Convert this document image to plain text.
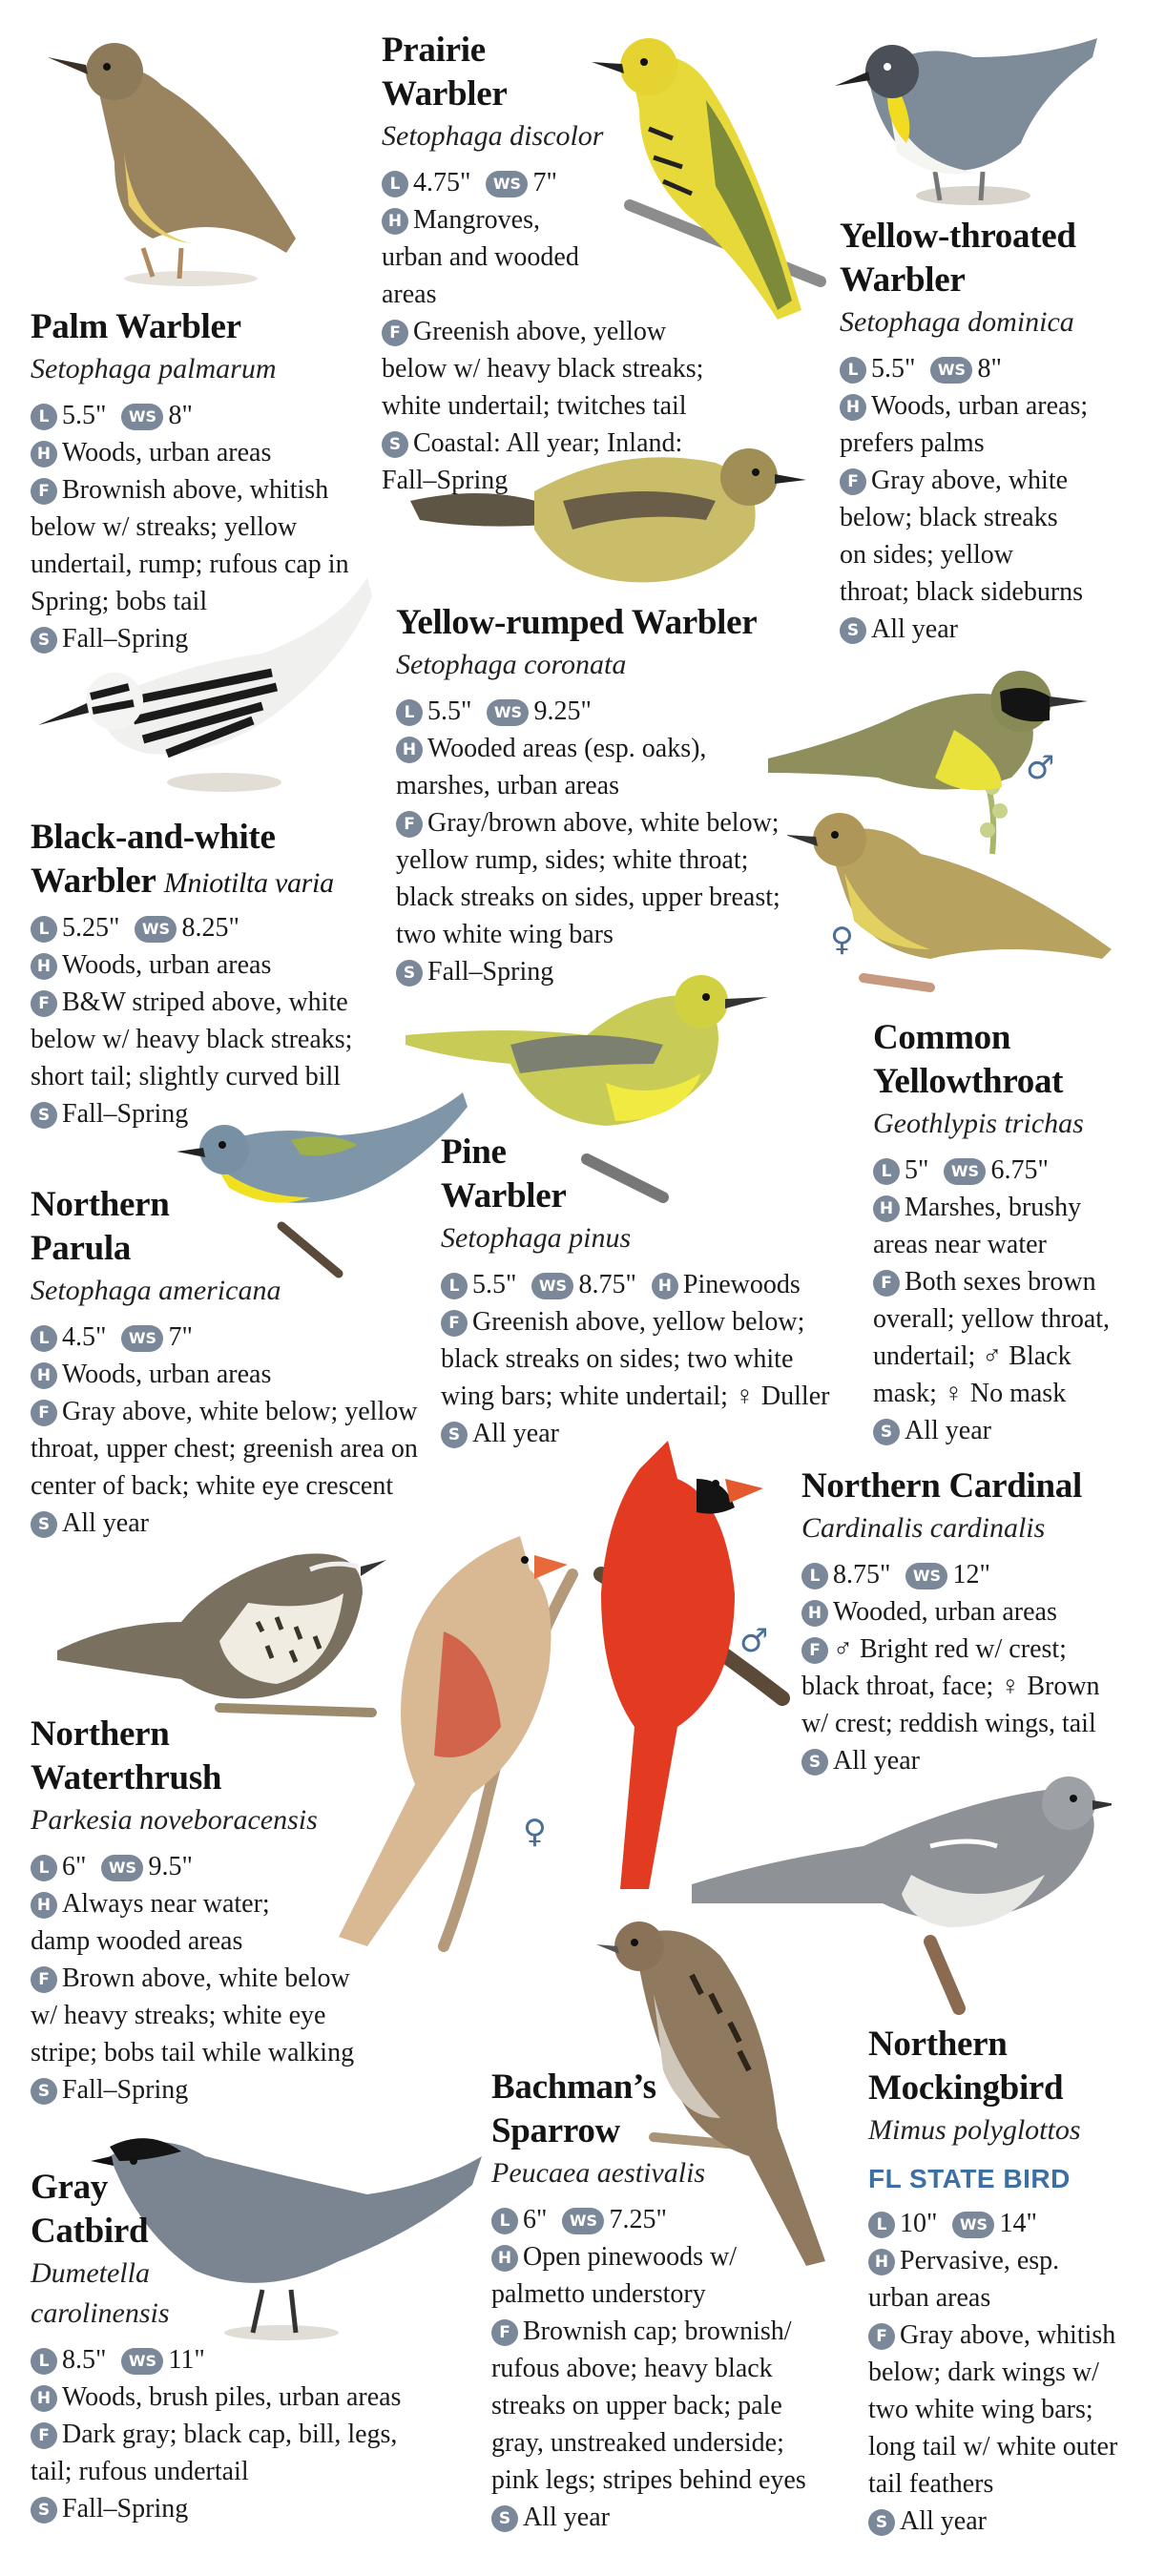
♂
♀
♂
♀
Palm Warbler
Setophaga palmarum
L 5.5" WS 8"
H Woods, urban areas
F Brownish above, whitish below w/ streaks; yellow undertail, rump; rufous cap in Spring; bobs tail
S Fall–Spring
Prairie
Warbler
Setophaga discolor
L 4.75" WS 7"
H Mangroves, urban and wooded areas
F Greenish above, yellow below w/ heavy black streaks; white undertail; twitches tail
S Coastal: All year; Inland: Fall–Spring
Yellow-throated
Warbler
Setophaga dominica
L 5.5" WS 8"
H Woods, urban areas; prefers palms
F Gray above, white below; black streaks on sides; yellow throat; black sideburns
S All year
Yellow-rumped Warbler
Setophaga coronata
L 5.5" WS 9.25"
H Wooded areas (esp. oaks), marshes, urban areas
F Gray/brown above, white below; yellow rump, sides; white throat; black streaks on sides, upper breast; two white wing bars
S Fall–Spring
Black-and-white
Warbler Mniotilta varia
L 5.25" WS 8.25"
H Woods, urban areas
F B&W striped above, white below w/ heavy black streaks; short tail; slightly curved bill
S Fall–Spring
Common
Yellowthroat
Geothlypis trichas
L 5" WS 6.75"
H Marshes, brushy areas near water
F Both sexes brown overall; yellow throat, undertail; ♂ Black mask; ♀ No mask
S All year
Pine
Warbler
Setophaga pinus
L 5.5" WS 8.75" H Pinewoods
F Greenish above, yellow below; black streaks on sides; two white wing bars; white undertail; ♀ Duller
S All year
Northern
Parula
Setophaga americana
L 4.5" WS 7"
H Woods, urban areas
F Gray above, white below; yellow throat, upper chest; greenish area on center of back; white eye crescent
S All year
Northern Cardinal
Cardinalis cardinalis
L 8.75" WS 12"
H Wooded, urban areas
F ♂ Bright red w/ crest; black throat, face; ♀ Brown w/ crest; reddish wings, tail
S All year
Northern
Waterthrush
Parkesia noveboracensis
L 6" WS 9.5"
H Always near water; damp wooded areas
F Brown above, white below w/ heavy streaks; white eye stripe; bobs tail while walking
S Fall–Spring	Bachman’s
Sparrow
Peucaea aestivalis
L 6" WS 7.25"
H Open pinewoods w/ palmetto understory
F Brownish cap; brownish/ rufous above; heavy black streaks on upper back; pale gray, unstreaked underside; pink legs; stripes behind eyes
S All year
Northern
Mockingbird
Mimus polyglottos
FL STATE BIRD
L 10" WS 14"
H Pervasive, esp. urban areas
F Gray above, whitish below; dark wings w/ two white wing bars; long tail w/ white outer tail feathers
S All year
Gray
Catbird
Dumetella
carolinensis
L 8.5" WS 11"
H Woods, brush piles, urban areas
F Dark gray; black cap, bill, legs, tail; rufous undertail
S Fall–Spring
